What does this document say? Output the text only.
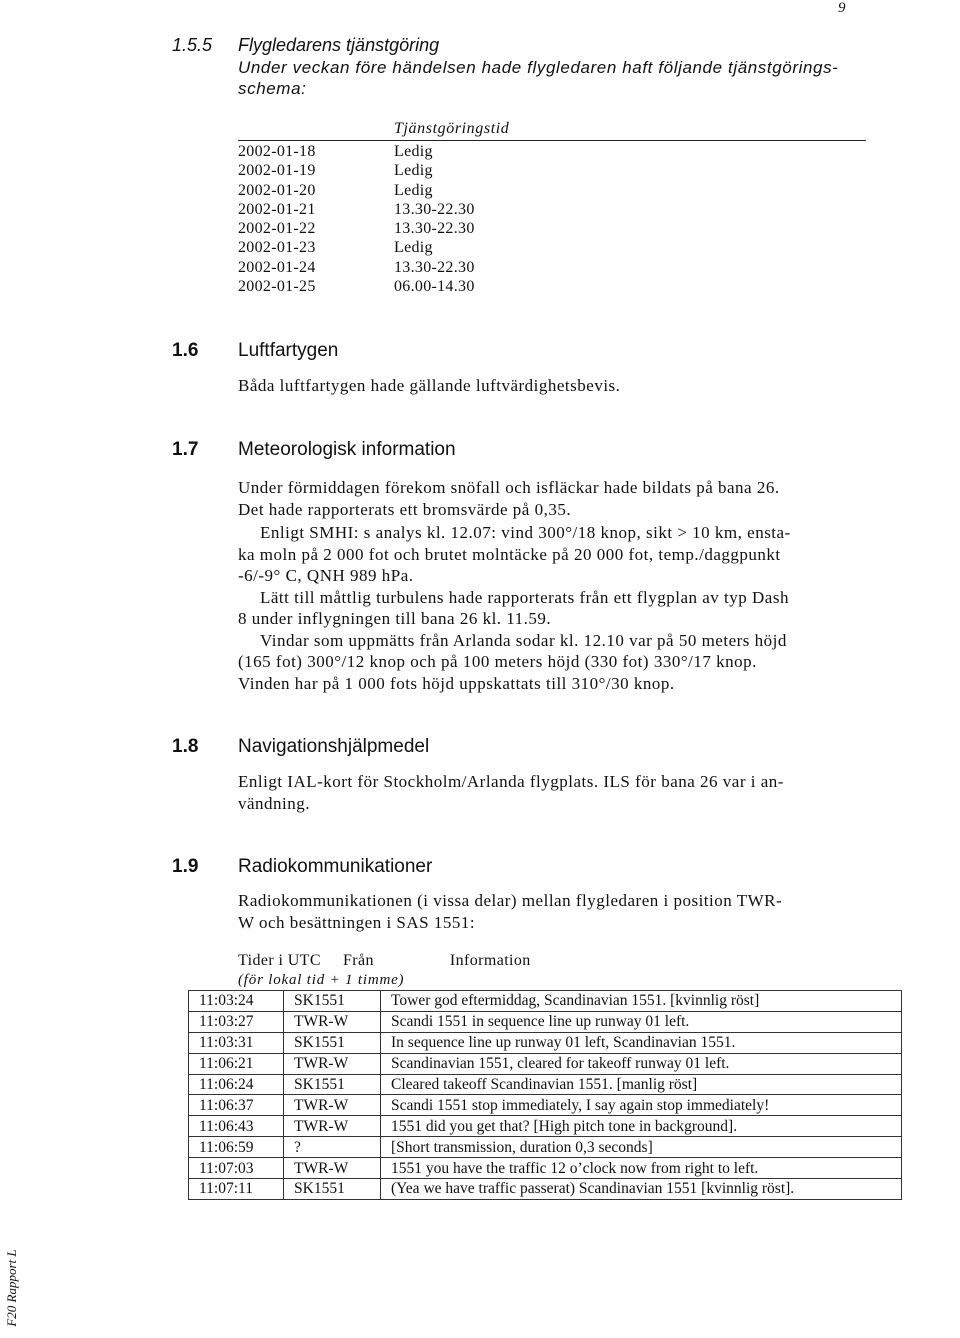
9
1.5.5 Flygledarens tjänstgöring
Under veckan före händelsen hade flygledaren haft följande tjänstgörings-
schema:
Tjänstgöringstid
2002-01-18	Ledig
2002-01-19	Ledig
2002-01-20	Ledig
2002-01-21	13.30-22.30
2002-01-22	13.30-22.30
2002-01-23	Ledig
2002-01-24	13.30-22.30
2002-01-25	06.00-14.30
1.6 Luftfartygen
Båda luftfartygen hade gällande luftvärdighetsbevis.
1.7 Meteorologisk information
Under förmiddagen förekom snöfall och isfläckar hade bildats på bana 26.
Det hade rapporterats ett bromsvärde på 0,35.
Enligt SMHI: s analys kl. 12.07: vind 300°/18 knop, sikt > 10 km, ensta-
ka moln på 2 000 fot och brutet molntäcke på 20 000 fot, temp./daggpunkt
-6/-9° C, QNH 989 hPa.
Lätt till måttlig turbulens hade rapporterats från ett flygplan av typ Dash
8 under inflygningen till bana 26 kl. 11.59.
Vindar som uppmätts från Arlanda sodar kl. 12.10 var på 50 meters höjd
(165 fot) 300°/12 knop och på 100 meters höjd (330 fot) 330°/17 knop.
Vinden har på 1 000 fots höjd uppskattats till 310°/30 knop.
1.8 Navigationshjälpmedel
Enligt IAL-kort för Stockholm/Arlanda flygplats. ILS för bana 26 var i an-
vändning.
1.9 Radiokommunikationer
Radiokommunikationen (i vissa delar) mellan flygledaren i position TWR-
W och besättningen i SAS 1551:
Tider i UTC Från	Information
(för lokal tid + 1 timme)
11:03:24	SK1551	Tower god eftermiddag, Scandinavian 1551. [kvinnlig röst]
11:03:27	TWR-W	Scandi 1551 in sequence line up runway 01 left.
11:03:31	SK1551	In sequence line up runway 01 left, Scandinavian 1551.
11:06:21	TWR-W	Scandinavian 1551, cleared for takeoff runway 01 left.
11:06:24	SK1551	Cleared takeoff Scandinavian 1551. [manlig röst]
11:06:37	TWR-W	Scandi 1551 stop immediately, I say again stop immediately!
11:06:43	TWR-W	1551 did you get that? [High pitch tone in background].
11:06:59	?	[Short transmission, duration 0,3 seconds]
11:07:03	TWR-W	1551 you have the traffic 12 o’clock now from right to left.
11:07:11	SK1551	(Yea we have traffic passerat) Scandinavian 1551 [kvinnlig röst].
F20 Rapport L
